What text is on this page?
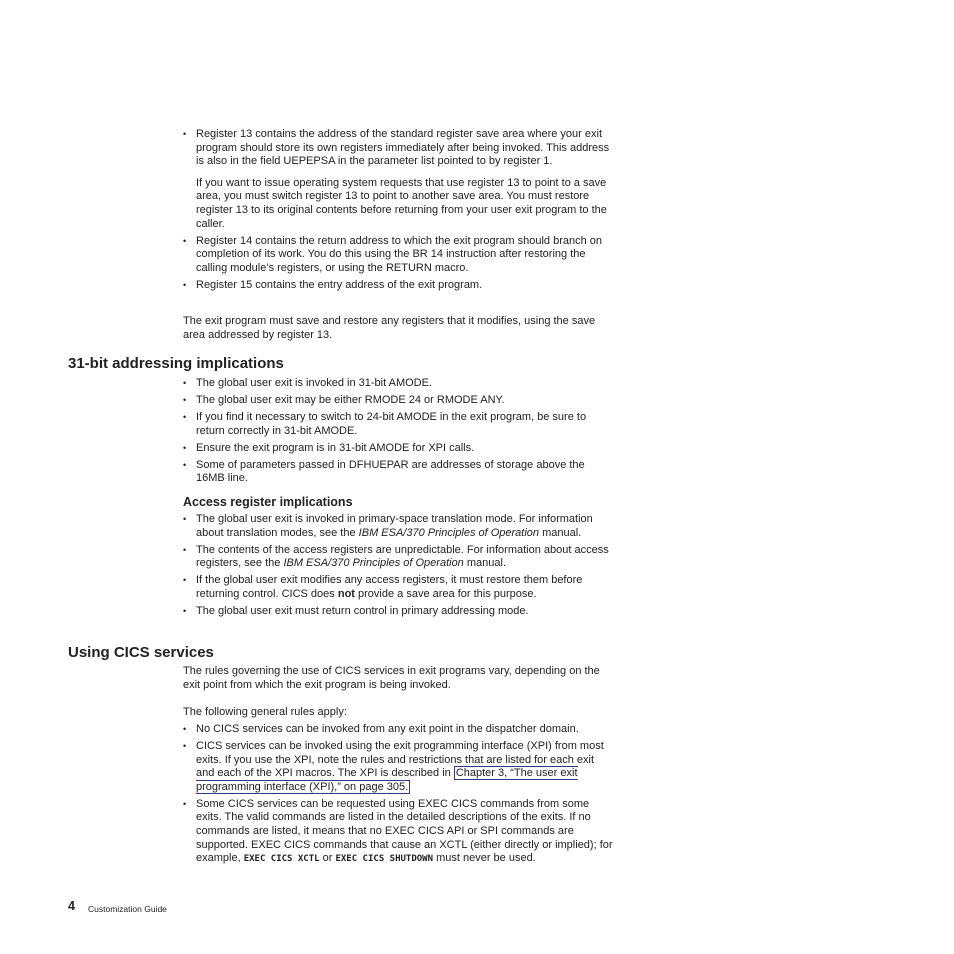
• Register 13 contains the address of the standard register save area where your exit program should store its own registers immediately after being invoked. This address is also in the field UEPEPSA in the parameter list pointed to by register 1.

If you want to issue operating system requests that use register 13 to point to a save area, you must switch register 13 to point to another save area. You must restore register 13 to its original contents before returning from your user exit program to the caller.

• Register 14 contains the return address to which the exit program should branch on completion of its work. You do this using the BR 14 instruction after restoring the calling module’s registers, or using the RETURN macro.
• Register 15 contains the entry address of the exit program.

The exit program must save and restore any registers that it modifies, using the save area addressed by register 13.

31-bit addressing implications
• The global user exit is invoked in 31-bit AMODE.
• The global user exit may be either RMODE 24 or RMODE ANY.
• If you find it necessary to switch to 24-bit AMODE in the exit program, be sure to return correctly in 31-bit AMODE.
• Ensure the exit program is in 31-bit AMODE for XPI calls.
• Some of parameters passed in DFHUEPAR are addresses of storage above the 16MB line.
Access register implications
• The global user exit is invoked in primary-space translation mode. For information about translation modes, see the IBM ESA/370 Principles of Operation manual.
• The contents of the access registers are unpredictable. For information about access registers, see the IBM ESA/370 Principles of Operation manual.
• If the global user exit modifies any access registers, it must restore them before returning control. CICS does not provide a save area for this purpose.
• The global user exit must return control in primary addressing mode.
Using CICS services

The rules governing the use of CICS services in exit programs vary, depending on the exit point from which the exit program is being invoked.

The following general rules apply:

• No CICS services can be invoked from any exit point in the dispatcher domain.
• CICS services can be invoked using the exit programming interface (XPI) from most exits. If you use the XPI, note the rules and restrictions that are listed for each exit and each of the XPI macros. The XPI is described in Chapter 3, “The user exit programming interface (XPI),” on page 305.
• Some CICS services can be requested using EXEC CICS commands from some exits. The valid commands are listed in the detailed descriptions of the exits. If no commands are listed, it means that no EXEC CICS API or SPI commands are supported. EXEC CICS commands that cause an XCTL (either directly or implied); for example, EXEC CICS XCTL or EXEC CICS SHUTDOWN must never be used.
4 Customization Guide
